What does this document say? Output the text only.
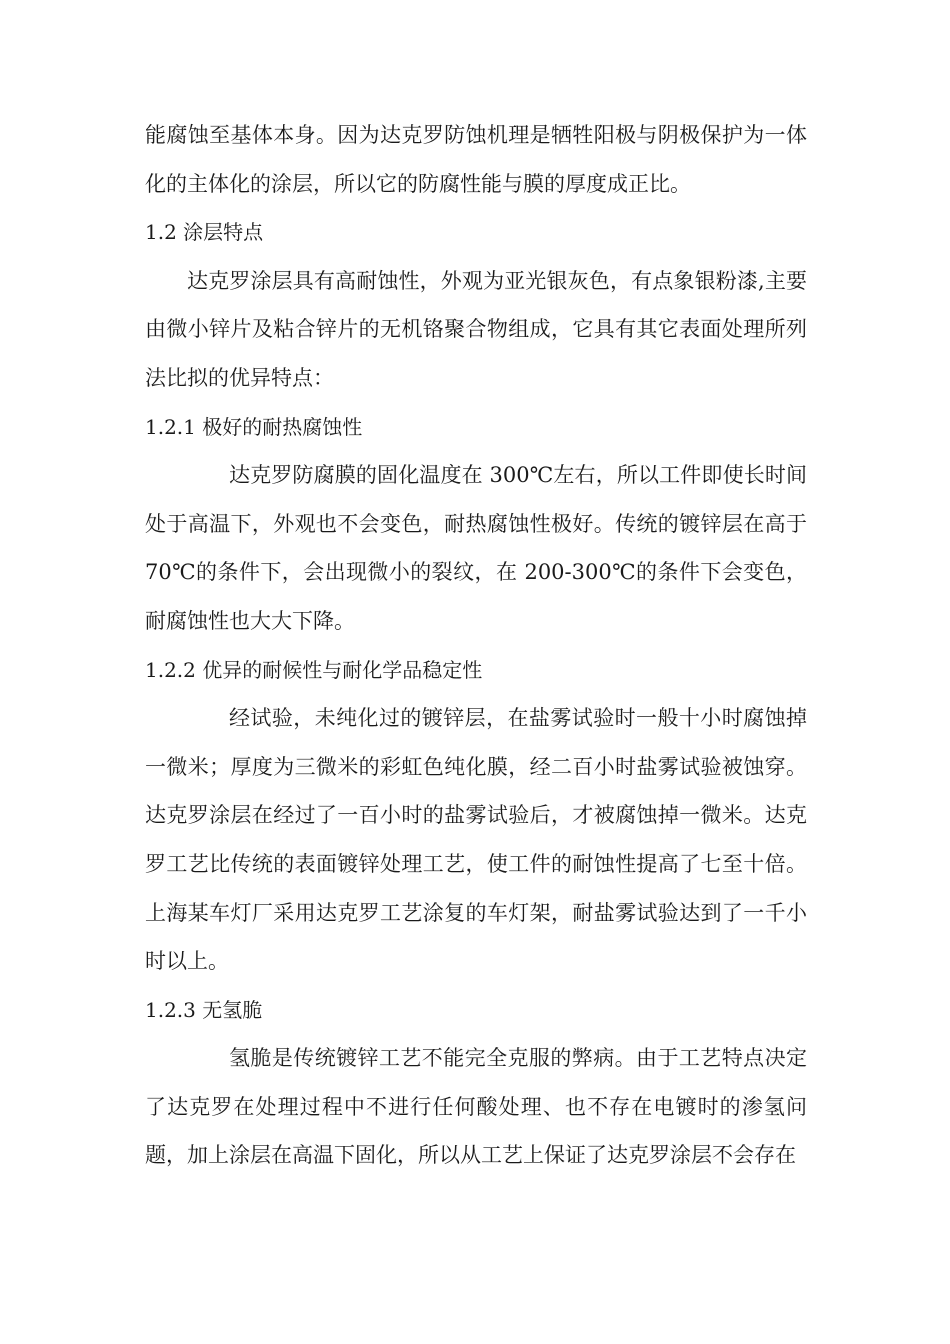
能腐蚀至基体本身。因为达克罗防蚀机理是牺牲阳极与阴极保护为一体化的主体化的涂层，所以它的防腐性能与膜的厚度成正比。

1.2 涂层特点

达克罗涂层具有高耐蚀性，外观为亚光银灰色，有点象银粉漆,主要由微小锌片及粘合锌片的无机铬聚合物组成，它具有其它表面处理所列法比拟的优异特点：

1.2.1 极好的耐热腐蚀性

达克罗防腐膜的固化温度在 300℃左右，所以工件即使长时间处于高温下，外观也不会变色，耐热腐蚀性极好。传统的镀锌层在高于 70℃的条件下，会出现微小的裂纹，在 200-300℃的条件下会变色，耐腐蚀性也大大下降。

1.2.2 优异的耐候性与耐化学品稳定性

经试验，未纯化过的镀锌层，在盐雾试验时一般十小时腐蚀掉一微米；厚度为三微米的彩虹色纯化膜，经二百小时盐雾试验被蚀穿。达克罗涂层在经过了一百小时的盐雾试验后，才被腐蚀掉一微米。达克罗工艺比传统的表面镀锌处理工艺，使工件的耐蚀性提高了七至十倍。上海某车灯厂采用达克罗工艺涂复的车灯架，耐盐雾试验达到了一千小时以上。

1.2.3 无氢脆

氢脆是传统镀锌工艺不能完全克服的弊病。由于工艺特点决定了达克罗在处理过程中不进行任何酸处理、也不存在电镀时的渗氢问题，加上涂层在高温下固化，所以从工艺上保证了达克罗涂层不会存在
